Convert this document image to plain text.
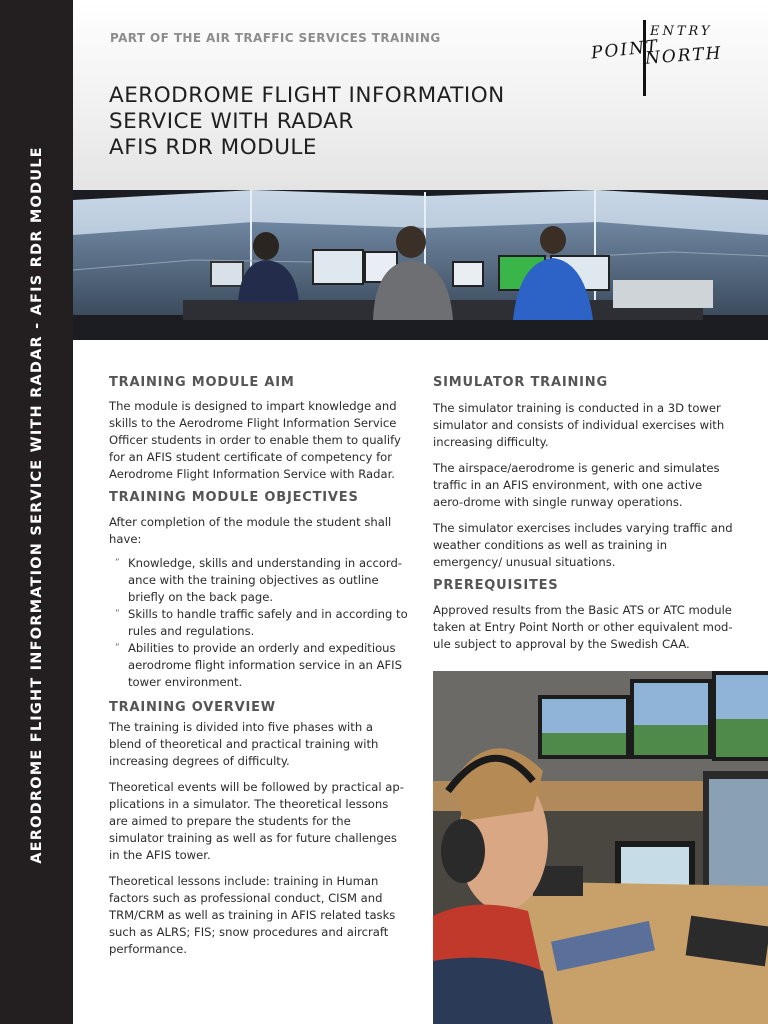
AERODROME FLIGHT INFORMATION SERVICE WITH RADAR - AFIS RDR MODULE
PART OF THE AIR TRAFFIC SERVICES TRAINING
AERODROME FLIGHT INFORMATION
SERVICE WITH RADAR
AFIS RDR MODULE
ENTRY
POINT
NORTH
TRAINING MODULE AIM

The module is designed to impart knowledge and skills to the Aerodrome Flight Information Service Officer students in order to enable them to qualify for an AFIS student certificate of competency for Aerodrome Flight Information Service with Radar.

TRAINING MODULE OBJECTIVES

After completion of the module the student shall have:

” Knowledge, skills and understanding in accord-ance with the training objectives as outline briefly on the back page.
” Skills to handle traffic safely and in according to rules and regulations.
” Abilities to provide an orderly and expeditious aerodrome flight information service in an AFIS tower environment.
TRAINING OVERVIEW

The training is divided into five phases with a blend of theoretical and practical training with increasing degrees of difficulty.

Theoretical events will be followed by practical ap-plications in a simulator. The theoretical lessons are aimed to prepare the students for the simulator training as well as for future challenges in the AFIS tower.

Theoretical lessons include: training in Human factors such as professional conduct, CISM and TRM/CRM as well as training in AFIS related tasks such as ALRS; FIS; snow procedures and aircraft performance.

SIMULATOR TRAINING

The simulator training is conducted in a 3D tower simulator and consists of individual exercises with increasing difficulty.

The airspace/aerodrome is generic and simulates traffic in an AFIS environment, with one active aero-drome with single runway operations.

The simulator exercises includes varying traffic and weather conditions as well as training in emergency/ unusual situations.

PREREQUISITES

Approved results from the Basic ATS or ATC module taken at Entry Point North or other equivalent mod-ule subject to approval by the Swedish CAA.
